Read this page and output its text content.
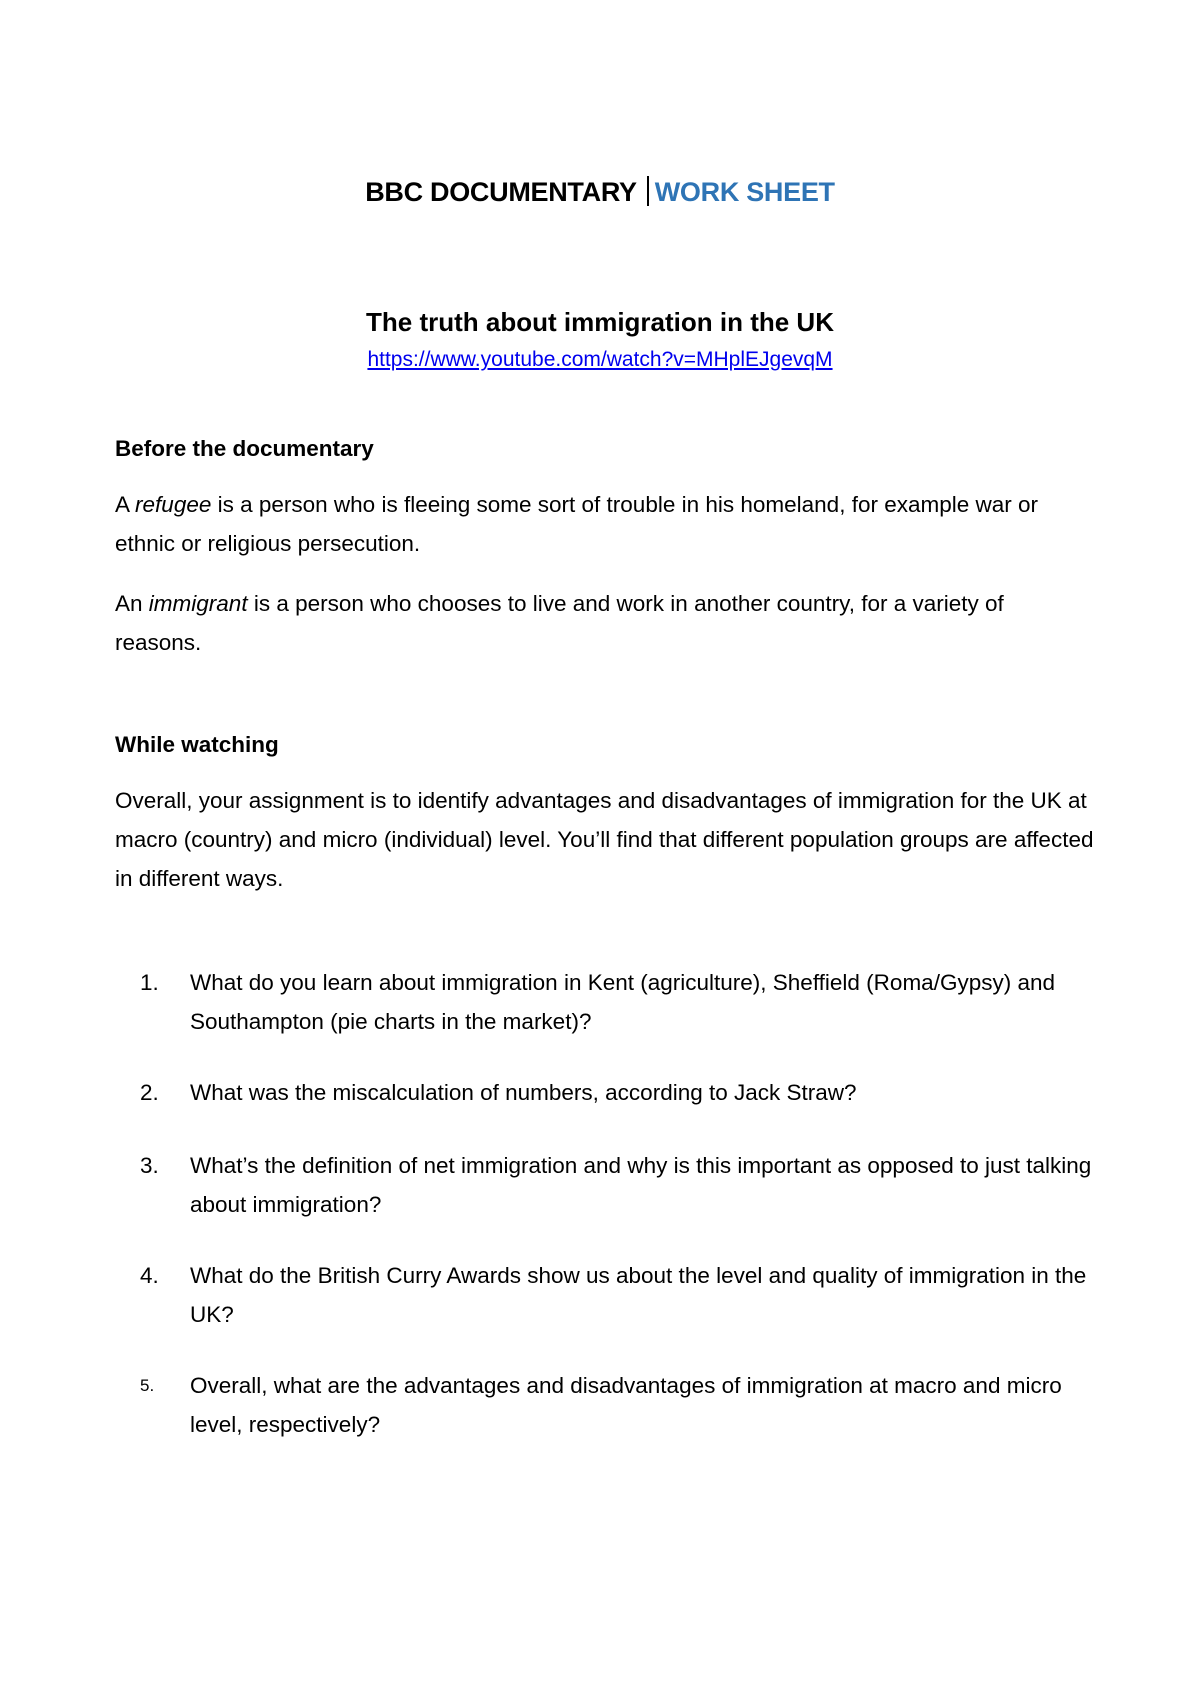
BBC DOCUMENTARY WORK SHEET
The truth about immigration in the UK
https://www.youtube.com/watch?v=MHplEJgevqM

Before the documentary

A refugee is a person who is fleeing some sort of trouble in his homeland, for example war or ethnic or religious persecution.

An immigrant is a person who chooses to live and work in another country, for a variety of reasons.

While watching

Overall, your assignment is to identify advantages and disadvantages of immigration for the UK at macro (country) and micro (individual) level. You’ll find that different population groups are affected in different ways.

1.	What do you learn about immigration in Kent (agriculture), Sheffield (Roma/Gypsy) and Southampton (pie charts in the market)?
2.	What was the miscalculation of numbers, according to Jack Straw?
3.	What’s the definition of net immigration and why is this important as opposed to just talking about immigration?
4.	What do the British Curry Awards show us about the level and quality of immigration in the UK?
5.	Overall, what are the advantages and disadvantages of immigration at macro and micro level, respectively?
